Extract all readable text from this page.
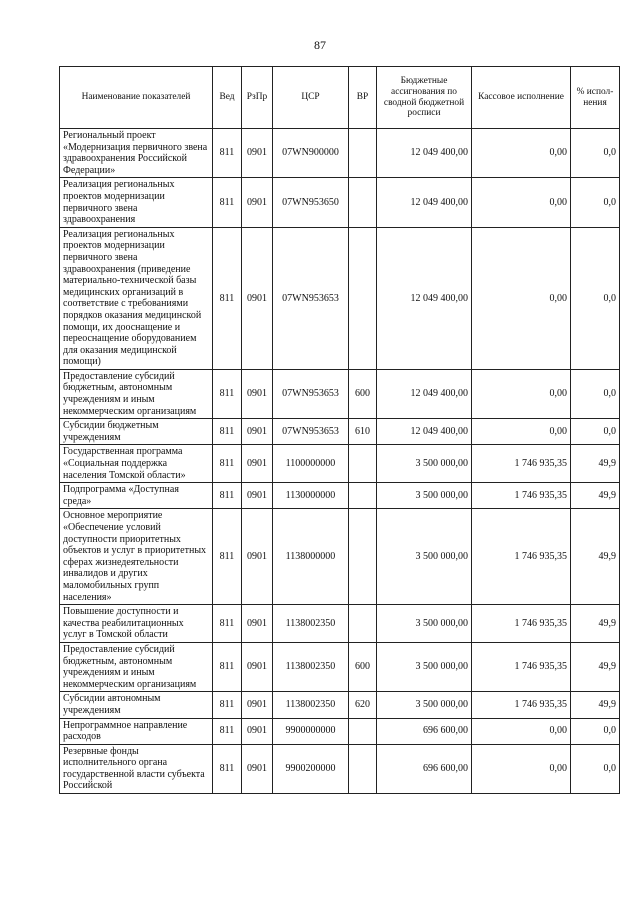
87
Наименование показателей	Вед	РзПр	ЦСР	ВР	Бюджетные ассигнования по сводной бюджетной росписи	Кассовое исполнение	% испол-нения
Региональный проект «Модернизация первичного звена здравоохранения Российской Федерации»	811	0901	07WN900000		12 049 400,00	0,00	0,0
Реализация региональных проектов модернизации первичного звена здравоохранения	811	0901	07WN953650		12 049 400,00	0,00	0,0
Реализация региональных проектов модернизации первичного звена здравоохранения (приведение материально-технической базы медицинских организаций в соответствие с требованиями порядков оказания медицинской помощи, их дооснащение и переоснащение оборудованием для оказания медицинской помощи)	811	0901	07WN953653		12 049 400,00	0,00	0,0
Предоставление субсидий бюджетным, автономным учреждениям и иным некоммерческим организациям	811	0901	07WN953653	600	12 049 400,00	0,00	0,0
Субсидии бюджетным учреждениям	811	0901	07WN953653	610	12 049 400,00	0,00	0,0
Государственная программа «Социальная поддержка населения Томской области»	811	0901	1100000000		3 500 000,00	1 746 935,35	49,9
Подпрограмма «Доступная среда»	811	0901	1130000000		3 500 000,00	1 746 935,35	49,9
Основное мероприятие «Обеспечение условий доступности приоритетных объектов и услуг в приоритетных сферах жизнедеятельности инвалидов и других маломобильных групп населения»	811	0901	1138000000		3 500 000,00	1 746 935,35	49,9
Повышение доступности и качества реабилитационных услуг в Томской области	811	0901	1138002350		3 500 000,00	1 746 935,35	49,9
Предоставление субсидий бюджетным, автономным учреждениям и иным некоммерческим организациям	811	0901	1138002350	600	3 500 000,00	1 746 935,35	49,9
Субсидии автономным учреждениям	811	0901	1138002350	620	3 500 000,00	1 746 935,35	49,9
Непрограммное направление расходов	811	0901	9900000000		696 600,00	0,00	0,0
Резервные фонды исполнительного органа государственной власти субъекта Российской	811	0901	9900200000		696 600,00	0,00	0,0
